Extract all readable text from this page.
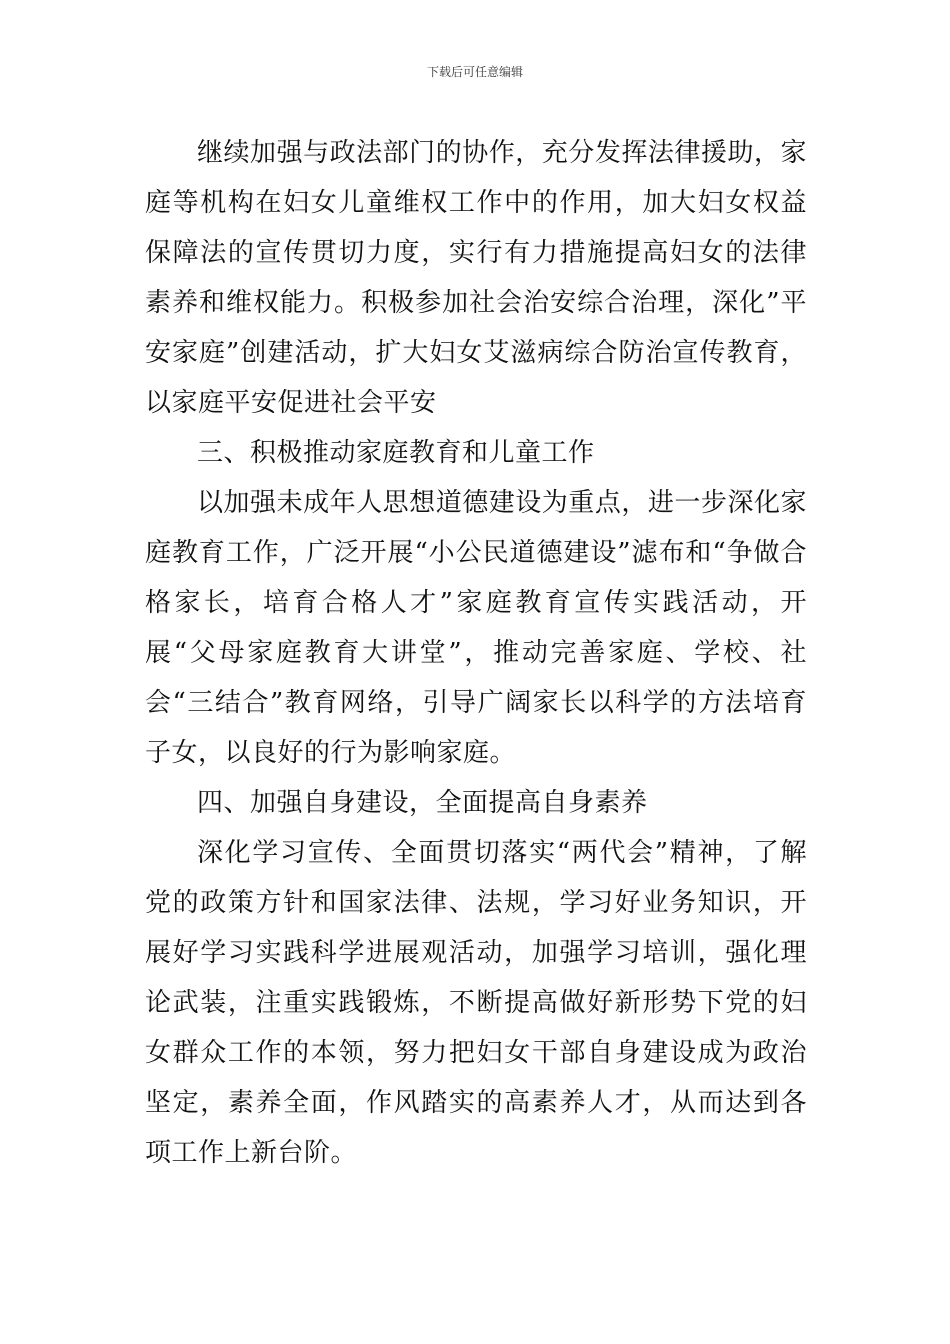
下载后可任意编辑

继续加强与政法部门的协作，充分发挥法律援助，家庭等机构在妇女儿童维权工作中的作用，加大妇女权益保障法的宣传贯切力度，实行有力措施提高妇女的法律素养和维权能力。积极参加社会治安综合治理，深化”平安家庭”创建活动，扩大妇女艾滋病综合防治宣传教育，以家庭平安促进社会平安

三、积极推动家庭教育和儿童工作

以加强未成年人思想道德建设为重点，进一步深化家庭教育工作，广泛开展“小公民道德建设”滤布和“争做合格家长，培育合格人才”家庭教育宣传实践活动，开展“父母家庭教育大讲堂”，推动完善家庭、学校、社会“三结合”教育网络，引导广阔家长以科学的方法培育子女，以良好的行为影响家庭。

四、加强自身建设，全面提高自身素养

深化学习宣传、全面贯切落实“两代会”精神，了解党的政策方针和国家法律、法规，学习好业务知识，开展好学习实践科学进展观活动，加强学习培训，强化理论武装，注重实践锻炼，不断提高做好新形势下党的妇女群众工作的本领，努力把妇女干部自身建设成为政治坚定，素养全面，作风踏实的高素养人才，从而达到各项工作上新台阶。
